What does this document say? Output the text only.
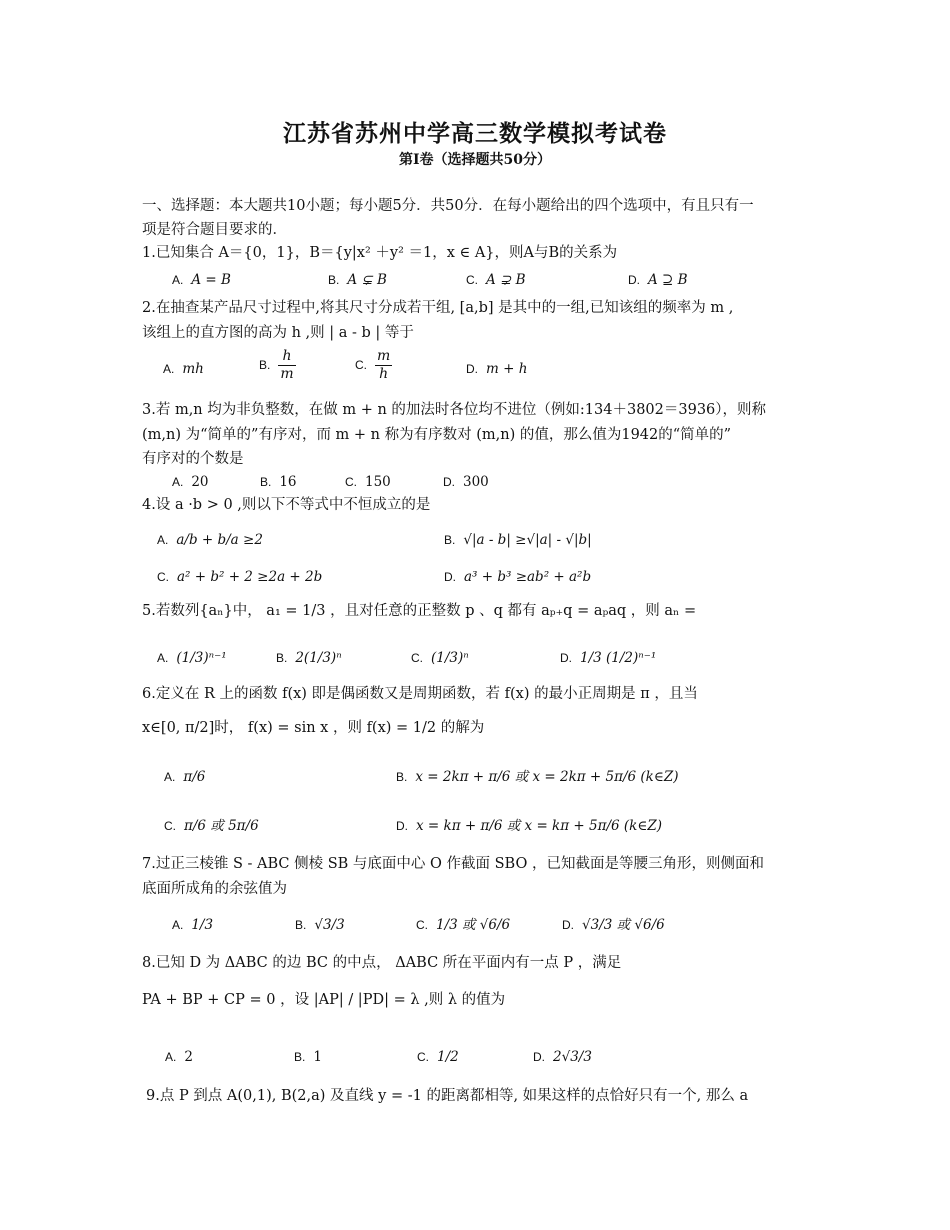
江苏省苏州中学高三数学模拟考试卷
第Ⅰ卷（选择题共50分）
一、选择题：本大题共10小题；每小题5分．共50分．在每小题给出的四个选项中，有且只有一
项是符合题目要求的．
1.已知集合 A＝{0，1}，B＝{y|x² ＋y² ＝1，x ∈ A}，则A与B的关系为
A. A = B	B. A ⊊ B	C. A ⊋ B	D. A ⊇ B
2.在抽查某产品尺寸过程中,将其尺寸分成若干组, [a,b] 是其中的一组,已知该组的频率为 m ,
该组上的直方图的高为 h ,则 | a - b | 等于
A. mh	B. $\frac{h}{m}$	C. $\frac{m}{h}$	D. m + h
3.若 m,n 均为非负整数，在做 m + n 的加法时各位均不进位（例如:134＋3802＝3936），则称
(m,n) 为“简单的”有序对，而 m + n 称为有序数对 (m,n) 的值，那么值为1942的“简单的”
有序对的个数是
A. 20	B. 16	C. 150	D. 300
4.设 a ·b > 0 ,则以下不等式中不恒成立的是
A. a/b + b/a ≥2	B. √|a - b| ≥√|a| - √|b|
C. a² + b² + 2 ≥2a + 2b	D. a³ + b³ ≥ab² + a²b
5.若数列{aₙ}中， a₁ = 1/3 ，且对任意的正整数 p 、q 都有 aₚ₊q = aₚaq ，则 aₙ =
A. (1/3)ⁿ⁻¹	B. 2(1/3)ⁿ	C. (1/3)ⁿ	D. 1/3 (1/2)ⁿ⁻¹
6.定义在 R 上的函数 f(x) 即是偶函数又是周期函数，若 f(x) 的最小正周期是 π ，且当
x∈[0, π/2]时， f(x) = sin x ，则 f(x) = 1/2 的解为
A. π/6	B. x = 2kπ + π/6 或 x = 2kπ + 5π/6 (k∈Z)
C. π/6 或 5π/6	D. x = kπ + π/6 或 x = kπ + 5π/6 (k∈Z)
7.过正三棱锥 S - ABC 侧棱 SB 与底面中心 O 作截面 SBO ，已知截面是等腰三角形，则侧面和
底面所成角的余弦值为
A. 1/3	B. √3/3	C. 1/3 或 √6/6	D. √3/3 或 √6/6
8.已知 D 为 ΔABC 的边 BC 的中点， ΔABC 所在平面内有一点 P ，满足
PA + BP + CP = 0 ，设 |AP| / |PD| = λ ,则 λ 的值为
A. 2	B. 1	C. 1/2	D. 2√3/3
9.点 P 到点 A(0,1), B(2,a) 及直线 y = -1 的距离都相等, 如果这样的点恰好只有一个, 那么 a
